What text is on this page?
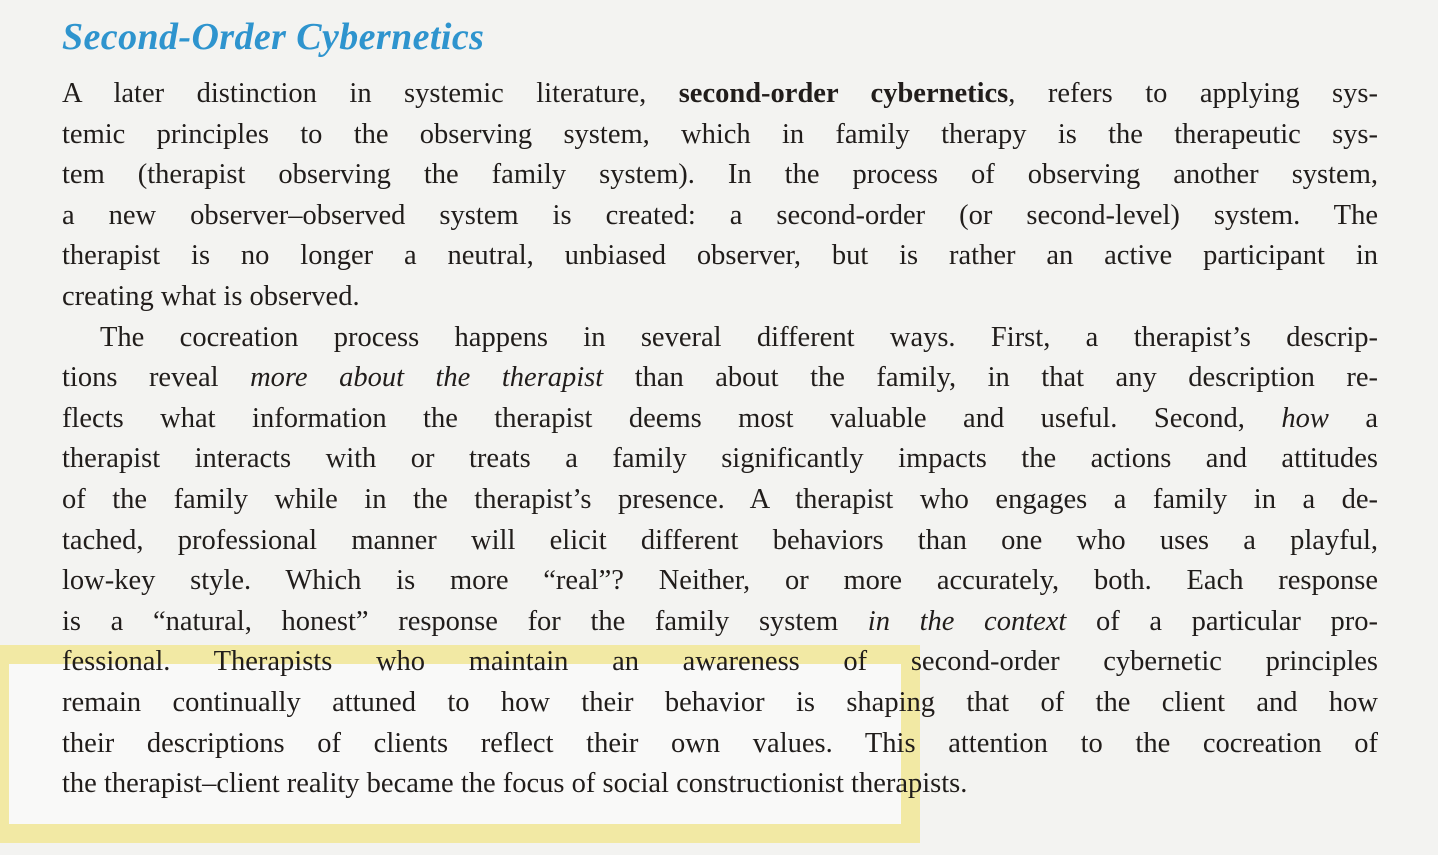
Second-Order Cybernetics
A later distinction in systemic literature, second-order cybernetics, refers to applying sys-
temic principles to the observing system, which in family therapy is the therapeutic sys-
tem (therapist observing the family system). In the process of observing another system,
a new observer–observed system is created: a second-order (or second-level) system. The
therapist is no longer a neutral, unbiased observer, but is rather an active participant in
creating what is observed.
The cocreation process happens in several different ways. First, a therapist’s descrip-
tions reveal more about the therapist than about the family, in that any description re-
flects what information the therapist deems most valuable and useful. Second, how a
therapist interacts with or treats a family significantly impacts the actions and attitudes
of the family while in the therapist’s presence. A therapist who engages a family in a de-
tached, professional manner will elicit different behaviors than one who uses a playful,
low-key style. Which is more “real”? Neither, or more accurately, both. Each response
is a “natural, honest” response for the family system in the context of a particular pro-
fessional. Therapists who maintain an awareness of second-order cybernetic principles
remain continually attuned to how their behavior is shaping that of the client and how
their descriptions of clients reflect their own values. This attention to the cocreation of
the therapist–client reality became the focus of social constructionist therapists.
